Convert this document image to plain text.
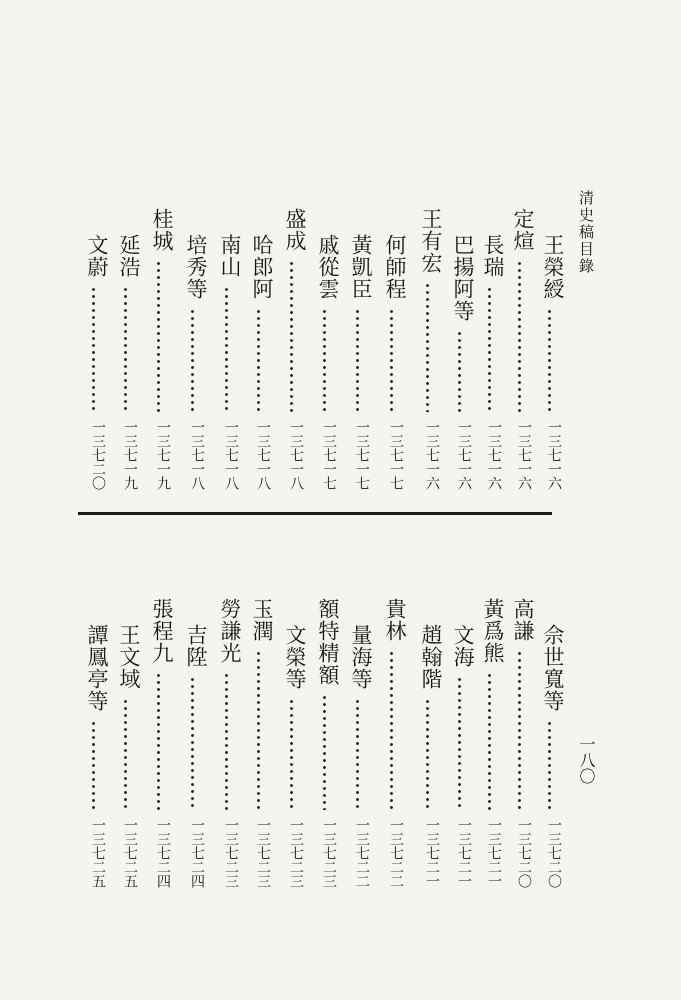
清史稿目錄
一八〇
王榮綬
一三七一六
定煊
一三七一六
長瑞
一三七一六
巴揚阿等
一三七一六
王有宏
一三七一六
何師程
一三七一七
黃凱臣
一三七一七
戚從雲
一三七一七
盛成
一三七一八
哈郎阿
一三七一八
南山
一三七一八
培秀等
一三七一八
桂城
一三七一九
延浩
一三七一九
文蔚
一三七二〇
佘世寬等
一三七二〇
高謙
一三七二〇
黃爲熊
一三七二一
文海
一三七二一
趙翰階
一三七二一
貴林
一三七二二
量海等
一三七二二
額特精額
一三七二三
文榮等
一三七二三
玉潤
一三七二三
勞謙光
一三七二三
吉陞
一三七二四
張程九
一三七二四
王文域
一三七二五
譚鳳亭等
一三七二五
